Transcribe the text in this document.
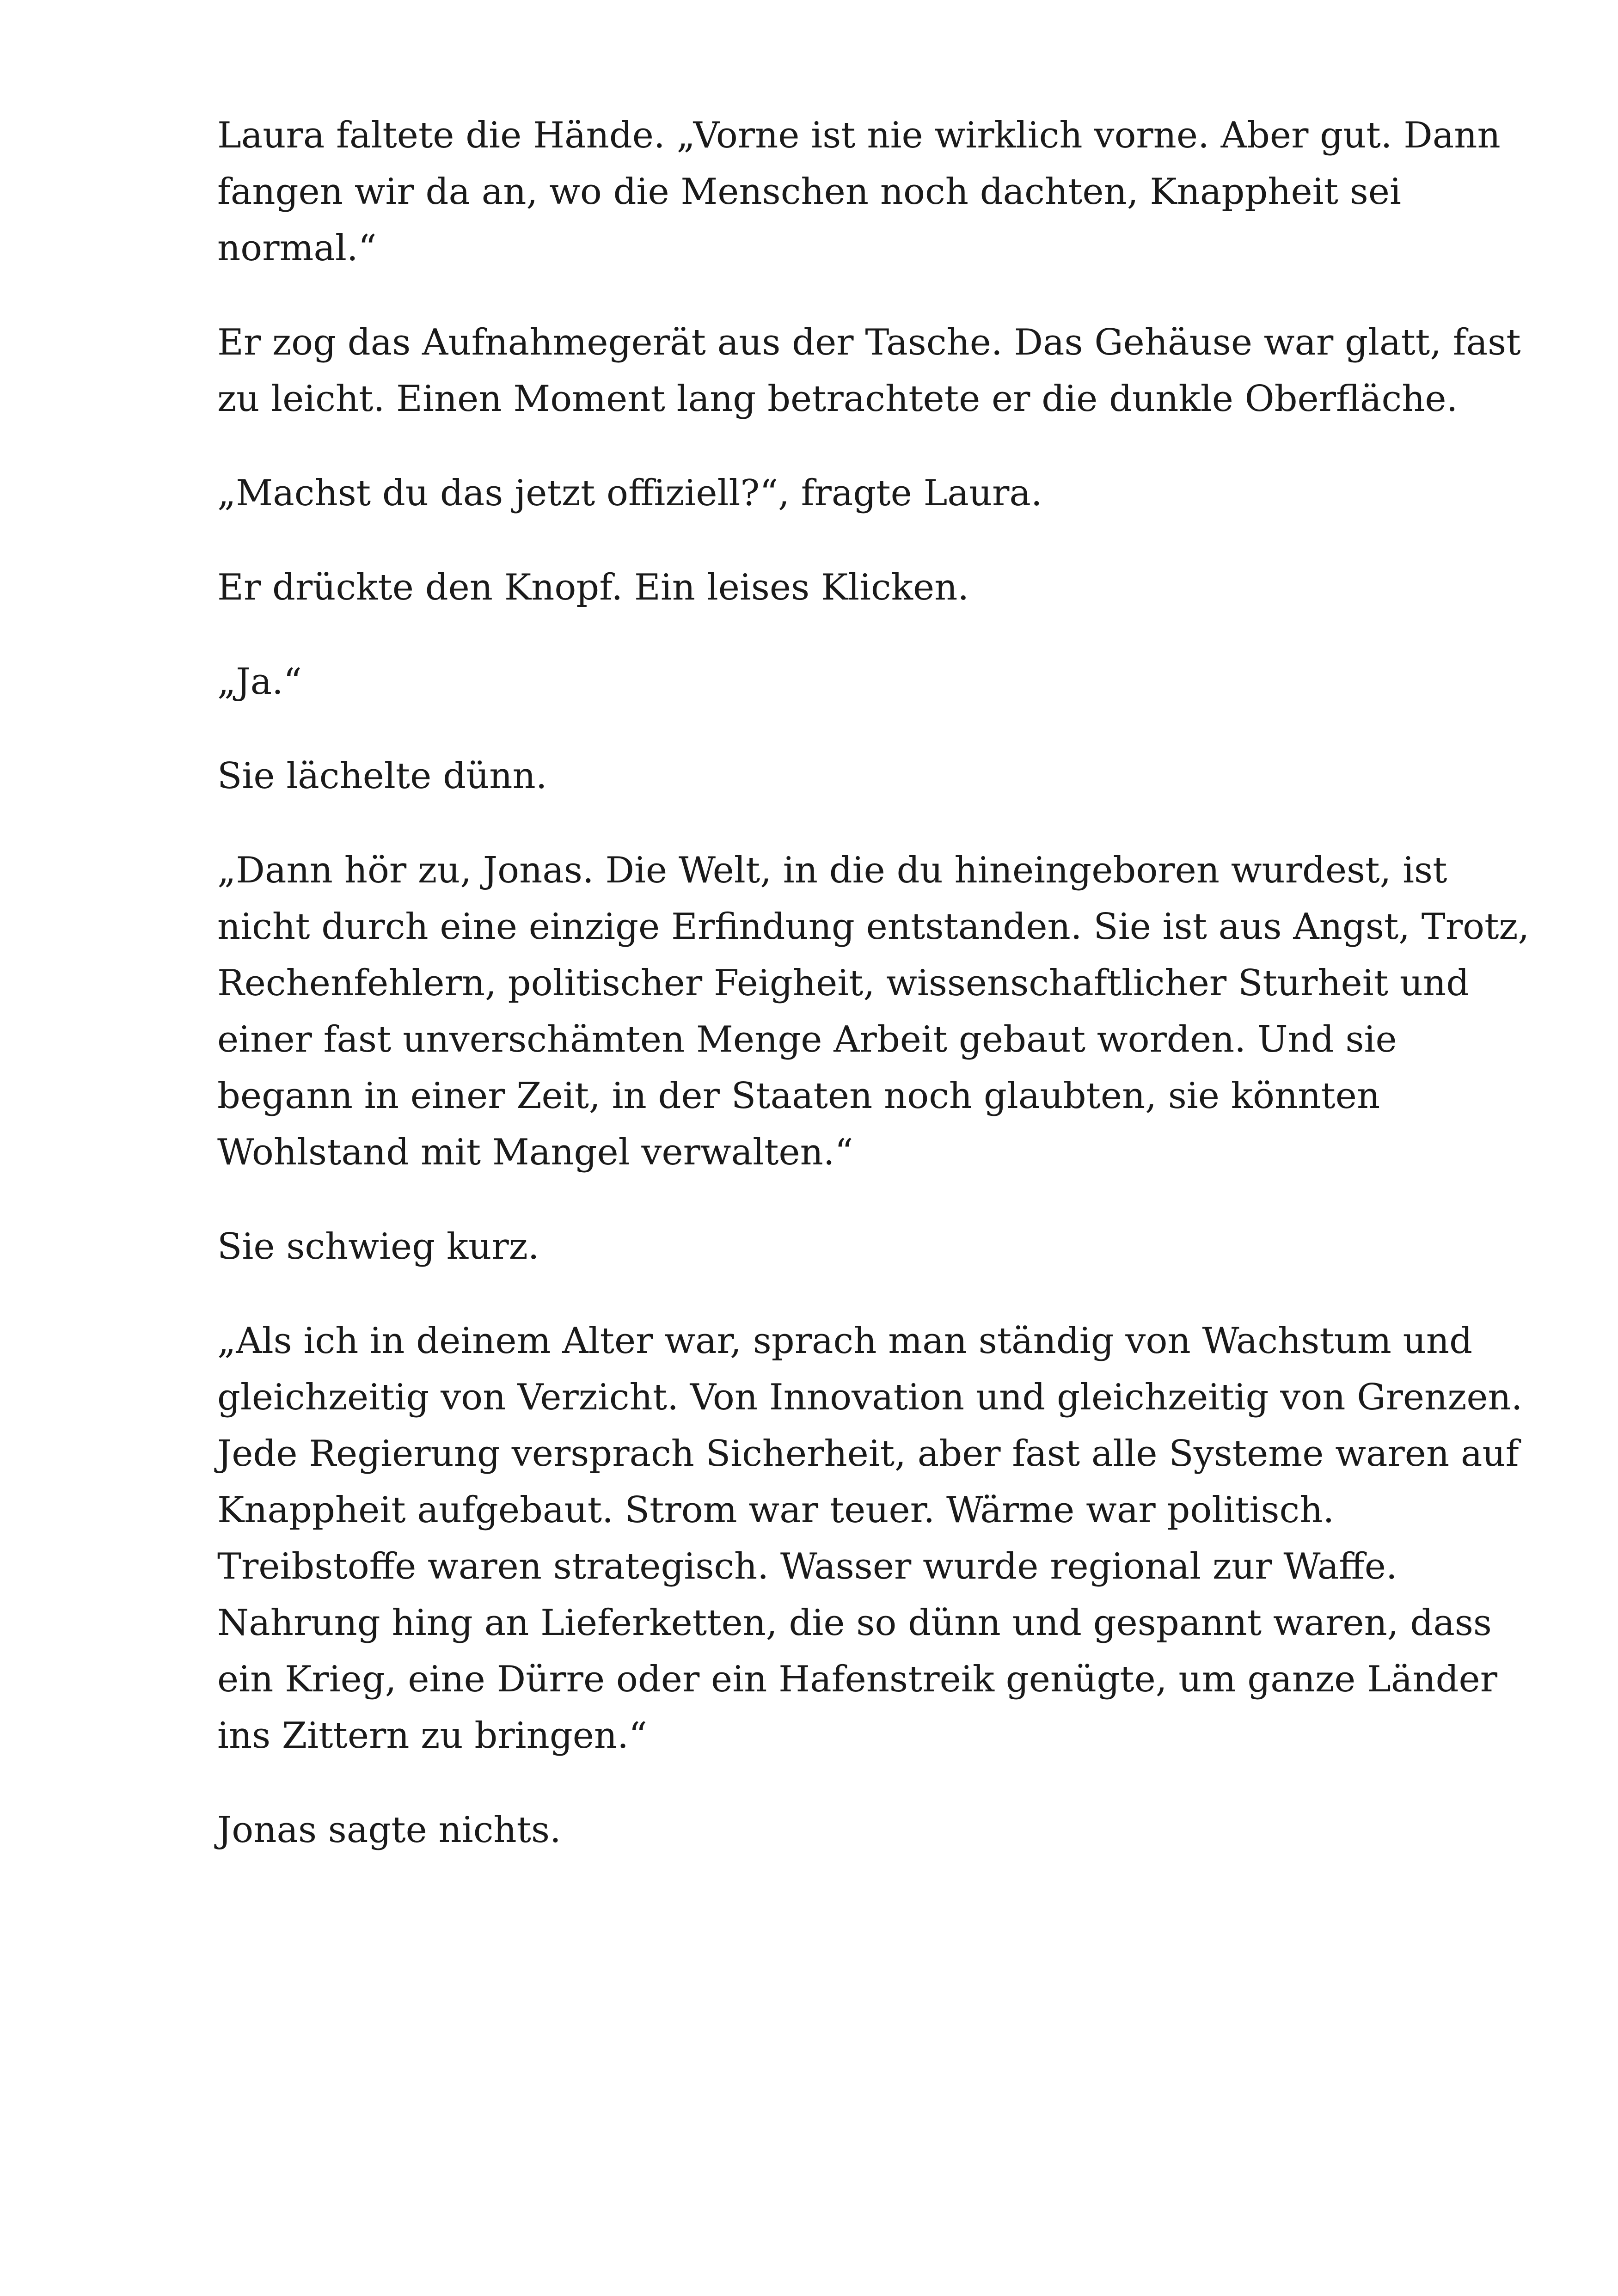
Laura faltete die Hände. „Vorne ist nie wirklich vorne. Aber gut. Dann fangen wir da an, wo die Menschen noch dachten, Knappheit sei normal.“

Er zog das Aufnahmegerät aus der Tasche. Das Gehäuse war glatt, fast zu leicht. Einen Moment lang betrachtete er die dunkle Oberfläche.

„Machst du das jetzt offiziell?“, fragte Laura.

Er drückte den Knopf. Ein leises Klicken.

„Ja.“

Sie lächelte dünn.

„Dann hör zu, Jonas. Die Welt, in die du hineingeboren wurdest, ist nicht durch eine einzige Erfindung entstanden. Sie ist aus Angst, Trotz, Rechenfehlern, politischer Feigheit, wissenschaftlicher Sturheit und einer fast unverschämten Menge Arbeit gebaut worden. Und sie begann in einer Zeit, in der Staaten noch glaubten, sie könnten Wohlstand mit Mangel verwalten.“

Sie schwieg kurz.

„Als ich in deinem Alter war, sprach man ständig von Wachstum und gleichzeitig von Verzicht. Von Innovation und gleichzeitig von Grenzen. Jede Regierung versprach Sicherheit, aber fast alle Systeme waren auf Knappheit aufgebaut. Strom war teuer. Wärme war politisch. Treibstoffe waren strategisch. Wasser wurde regional zur Waffe. Nahrung hing an Lieferketten, die so dünn und gespannt waren, dass ein Krieg, eine Dürre oder ein Hafenstreik genügte, um ganze Länder ins Zittern zu bringen.“

Jonas sagte nichts.
